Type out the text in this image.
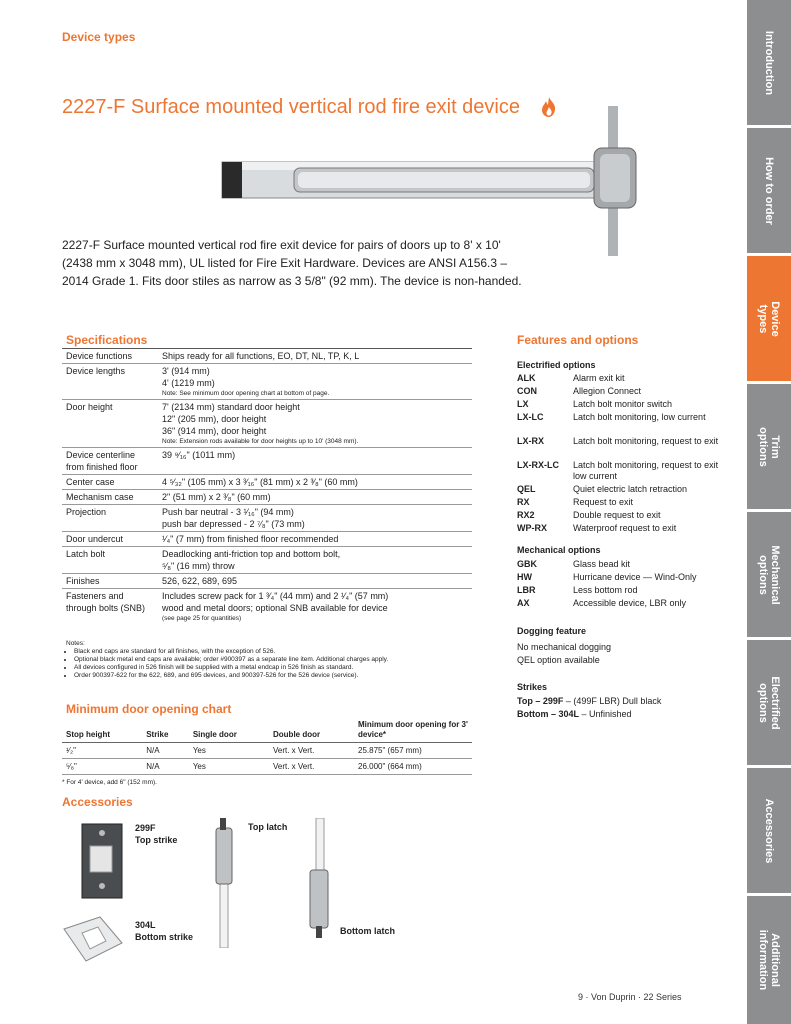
Device types
2227-F Surface mounted vertical rod fire exit device
2227-F Surface mounted vertical rod fire exit device for pairs of doors up to 8' x 10' (2438 mm x 3048 mm), UL listed for Fire Exit Hardware. Devices are ANSI A156.3 – 2014 Grade 1. Fits door stiles as narrow as 3 5/8" (92 mm). The device is non-handed.
Introduction
How to order
Device types
Trim options
Mechanical options
Electrified options
Accessories
Additional information
Specifications
Device functions	Ships ready for all functions, EO, DT, NL, TP, K, L

Device lengths	3' (914 mm)
4' (1219 mm)
Note: See minimum door opening chart at bottom of page.

Door height	7' (2134 mm) standard door height
12" (205 mm), door height
36" (914 mm), door height
Note: Extension rods available for door heights up to 10' (3048 mm).

Device centerline from finished floor	39 ⁹⁄₁₆" (1011 mm)

Center case	4 ⁵⁄₃₂" (105 mm) x 3 ³⁄₁₆" (81 mm) x 2 ³⁄₈" (60 mm)

Mechanism case	2" (51 mm) x 2 ³⁄₈" (60 mm)

Projection	Push bar neutral - 3 ¹⁄₁₆" (94 mm)
push bar depressed - 2 ⁷⁄₈" (73 mm)

Door undercut	¹⁄₄" (7 mm) from finished floor recommended

Latch bolt	Deadlocking anti-friction top and bottom bolt,
⁵⁄₈" (16 mm) throw

Finishes	526, 622, 689, 695

Fasteners and through bolts (SNB)	Includes screw pack for 1 ³⁄₄" (44 mm) and 2 ¹⁄₄" (57 mm)
wood and metal doors; optional SNB available for device
(see page 25 for quantities)
Notes:
• Black end caps are standard for all finishes, with the exception of 526.
• Optional black metal end caps are available; order #900397 as a separate line item. Additional charges apply.
• All devices configured in 526 finish will be supplied with a metal endcap in 526 finish as standard.
• Order 900397-622 for the 622, 689, and 695 devices, and 900397-526 for the 526 device (service).
Minimum door opening chart
Stop height	Strike	Single door	Double door	Minimum door opening for 3' device*
¹⁄₂"	N/A	Yes	Vert. x Vert.	25.875" (657 mm)
⁵⁄₈"	N/A	Yes	Vert. x Vert.	26.000" (664 mm)
* For 4' device, add 6" (152 mm).
Accessories
299F
Top strike
Top latch
304L
Bottom strike
Bottom latch
Features and options
Electrified options
ALK	Alarm exit kit
CON	Allegion Connect
LX	Latch bolt monitor switch
LX-LC	Latch bolt monitoring, low current
LX-RX	Latch bolt monitoring, request to exit
LX-RX-LC	Latch bolt monitoring, request to exit low current
QEL	Quiet electric latch retraction
RX	Request to exit
RX2	Double request to exit
WP-RX	Waterproof request to exit
Mechanical options
GBK	Glass bead kit
HW	Hurricane device — Wind-Only
LBR	Less bottom rod
AX	Accessible device, LBR only
Dogging feature
No mechanical dogging
QEL option available
Strikes
Top – 299F – (499F LBR) Dull black
Bottom – 304L – Unfinished
9 · Von Duprin · 22 Series
